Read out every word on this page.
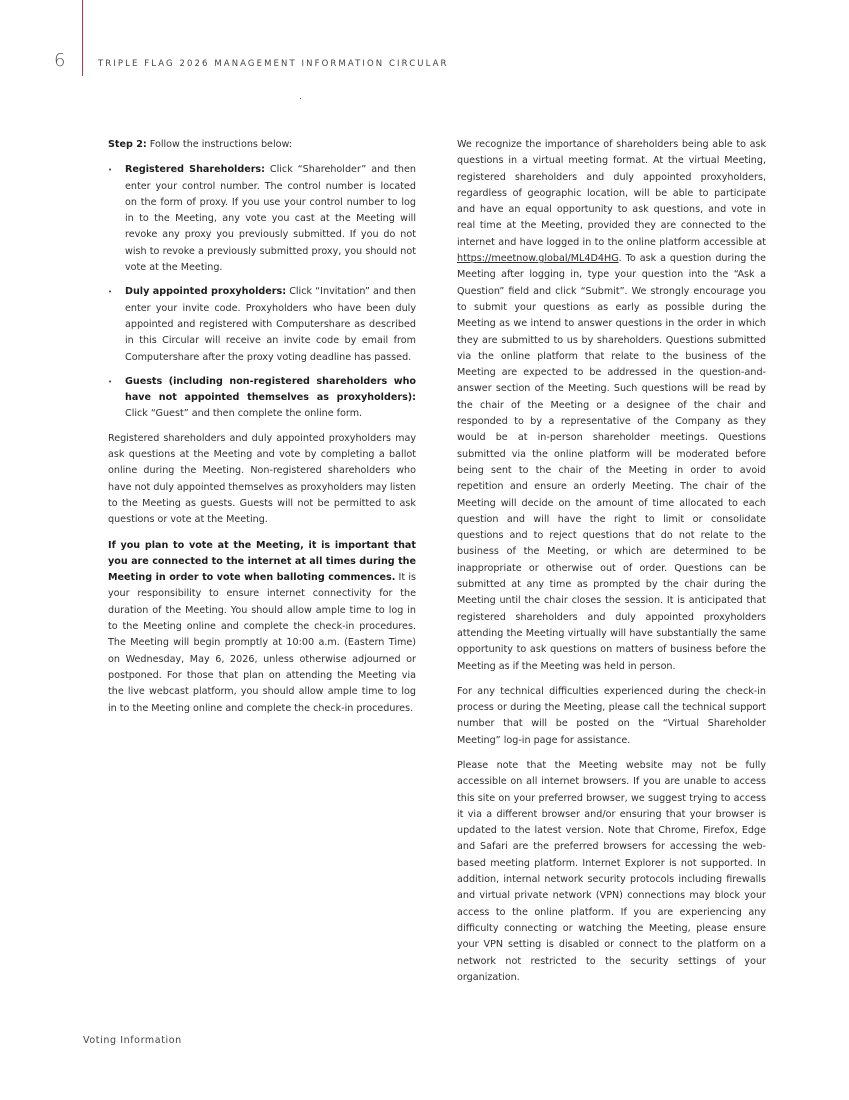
6	TRIPLE FLAG 2026 MANAGEMENT INFORMATION CIRCULAR

Step 2: Follow the instructions below:

• Registered Shareholders: Click “Shareholder” and then enter your control number. The control number is located on the form of proxy. If you use your control number to log in to the Meeting, any vote you cast at the Meeting will revoke any proxy you previously submitted. If you do not wish to revoke a previously submitted proxy, you should not vote at the Meeting.
• Duly appointed proxyholders: Click “Invitation” and then enter your invite code. Proxyholders who have been duly appointed and registered with Computershare as described in this Circular will receive an invite code by email from Computershare after the proxy voting deadline has passed.
• Guests (including non-registered shareholders who have not appointed themselves as proxyholders): Click “Guest” and then complete the online form.

Registered shareholders and duly appointed proxyholders may ask questions at the Meeting and vote by completing a ballot online during the Meeting. Non-registered shareholders who have not duly appointed themselves as proxyholders may listen to the Meeting as guests. Guests will not be permitted to ask questions or vote at the Meeting.

If you plan to vote at the Meeting, it is important that you are connected to the internet at all times during the Meeting in order to vote when balloting commences. It is your responsibility to ensure internet connectivity for the duration of the Meeting. You should allow ample time to log in to the Meeting online and complete the check-in procedures. The Meeting will begin promptly at 10:00 a.m. (Eastern Time) on Wednesday, May 6, 2026, unless otherwise adjourned or postponed. For those that plan on attending the Meeting via the live webcast platform, you should allow ample time to log in to the Meeting online and complete the check-in procedures.

We recognize the importance of shareholders being able to ask questions in a virtual meeting format. At the virtual Meeting, registered shareholders and duly appointed proxyholders, regardless of geographic location, will be able to participate and have an equal opportunity to ask questions, and vote in real time at the Meeting, provided they are connected to the internet and have logged in to the online platform accessible at https://meetnow.global/ML4D4HG. To ask a question during the Meeting after logging in, type your question into the “Ask a Question” field and click “Submit”. We strongly encourage you to submit your questions as early as possible during the Meeting as we intend to answer questions in the order in which they are submitted to us by shareholders. Questions submitted via the online platform that relate to the business of the Meeting are expected to be addressed in the question-and-answer section of the Meeting. Such questions will be read by the chair of the Meeting or a designee of the chair and responded to by a representative of the Company as they would be at in-person shareholder meetings. Questions submitted via the online platform will be moderated before being sent to the chair of the Meeting in order to avoid repetition and ensure an orderly Meeting. The chair of the Meeting will decide on the amount of time allocated to each question and will have the right to limit or consolidate questions and to reject questions that do not relate to the business of the Meeting, or which are determined to be inappropriate or otherwise out of order. Questions can be submitted at any time as prompted by the chair during the Meeting until the chair closes the session. It is anticipated that registered shareholders and duly appointed proxyholders attending the Meeting virtually will have substantially the same opportunity to ask questions on matters of business before the Meeting as if the Meeting was held in person.

For any technical difficulties experienced during the check-in process or during the Meeting, please call the technical support number that will be posted on the “Virtual Shareholder Meeting” log-in page for assistance.

Please note that the Meeting website may not be fully accessible on all internet browsers. If you are unable to access this site on your preferred browser, we suggest trying to access it via a different browser and/or ensuring that your browser is updated to the latest version. Note that Chrome, Firefox, Edge and Safari are the preferred browsers for accessing the web-based meeting platform. Internet Explorer is not supported. In addition, internal network security protocols including firewalls and virtual private network (VPN) connections may block your access to the online platform. If you are experiencing any difficulty connecting or watching the Meeting, please ensure your VPN setting is disabled or connect to the platform on a network not restricted to the security settings of your organization.

Voting Information
